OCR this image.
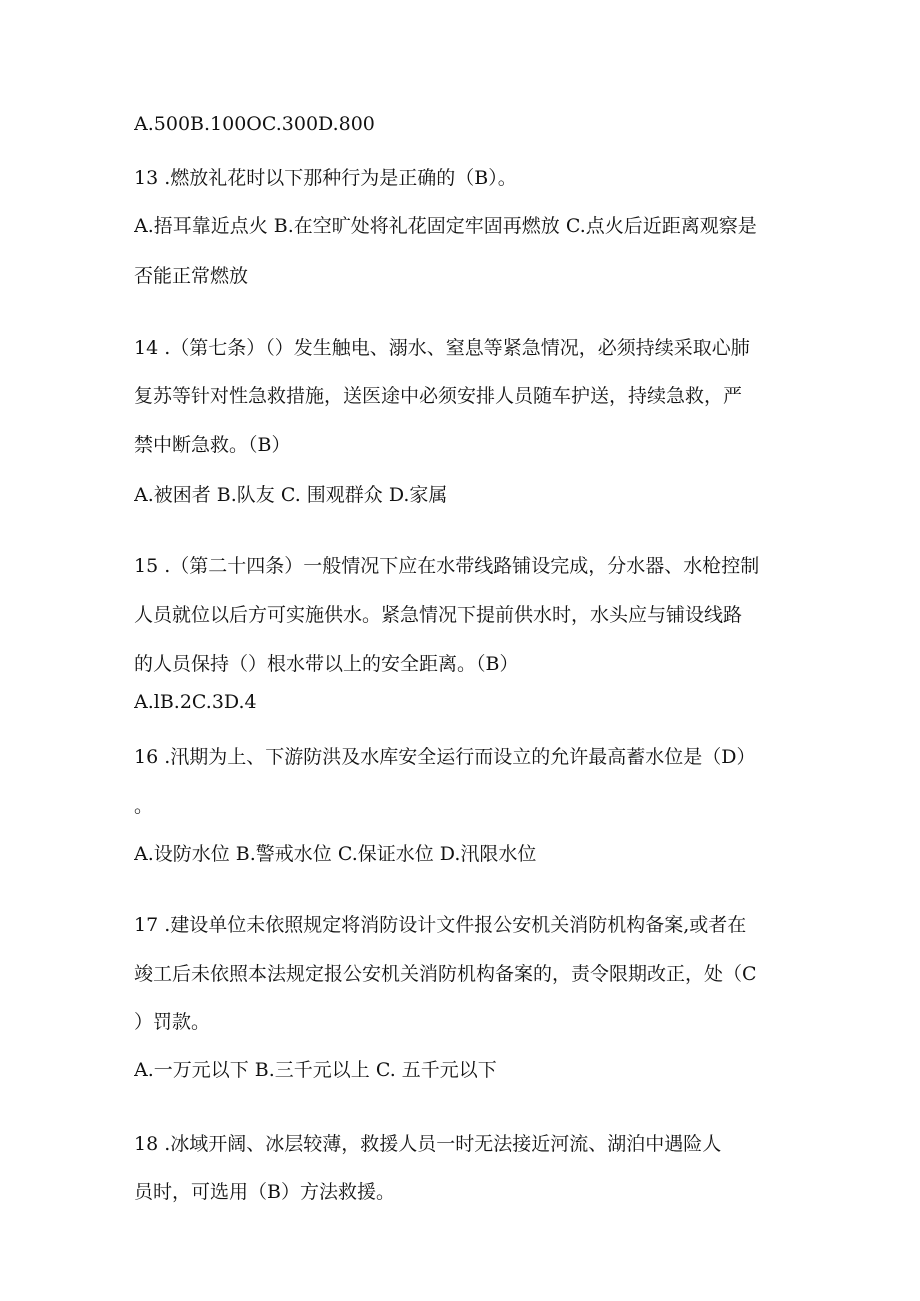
A.500B.100OC.300D.800
13 .燃放礼花时以下那种行为是正确的（B）。
A.捂耳靠近点火 B.在空旷处将礼花固定牢固再燃放 C.点火后近距离观察是
否能正常燃放
14 .（第七条）（）发生触电、溺水、窒息等紧急情况，必须持续采取心肺
复苏等针对性急救措施，送医途中必须安排人员随车护送，持续急救，严
禁中断急救。（B）
A.被困者 B.队友 C. 围观群众 D.家属
15 .（第二十四条）一般情况下应在水带线路铺设完成，分水器、水枪控制
人员就位以后方可实施供水。紧急情况下提前供水时，水头应与铺设线路
的人员保持（）根水带以上的安全距离。（B）
A.lB.2C.3D.4
16 .汛期为上、下游防洪及水库安全运行而设立的允许最高蓄水位是（D）
。
A.设防水位 B.警戒水位 C.保证水位 D.汛限水位
17 .建设单位未依照规定将消防设计文件报公安机关消防机构备案,或者在
竣工后未依照本法规定报公安机关消防机构备案的，责令限期改正，处（C
）罚款。
A.一万元以下 B.三千元以上 C. 五千元以下
18 .冰域开阔、冰层较薄，救援人员一时无法接近河流、湖泊中遇险人
员时，可选用（B）方法救援。
